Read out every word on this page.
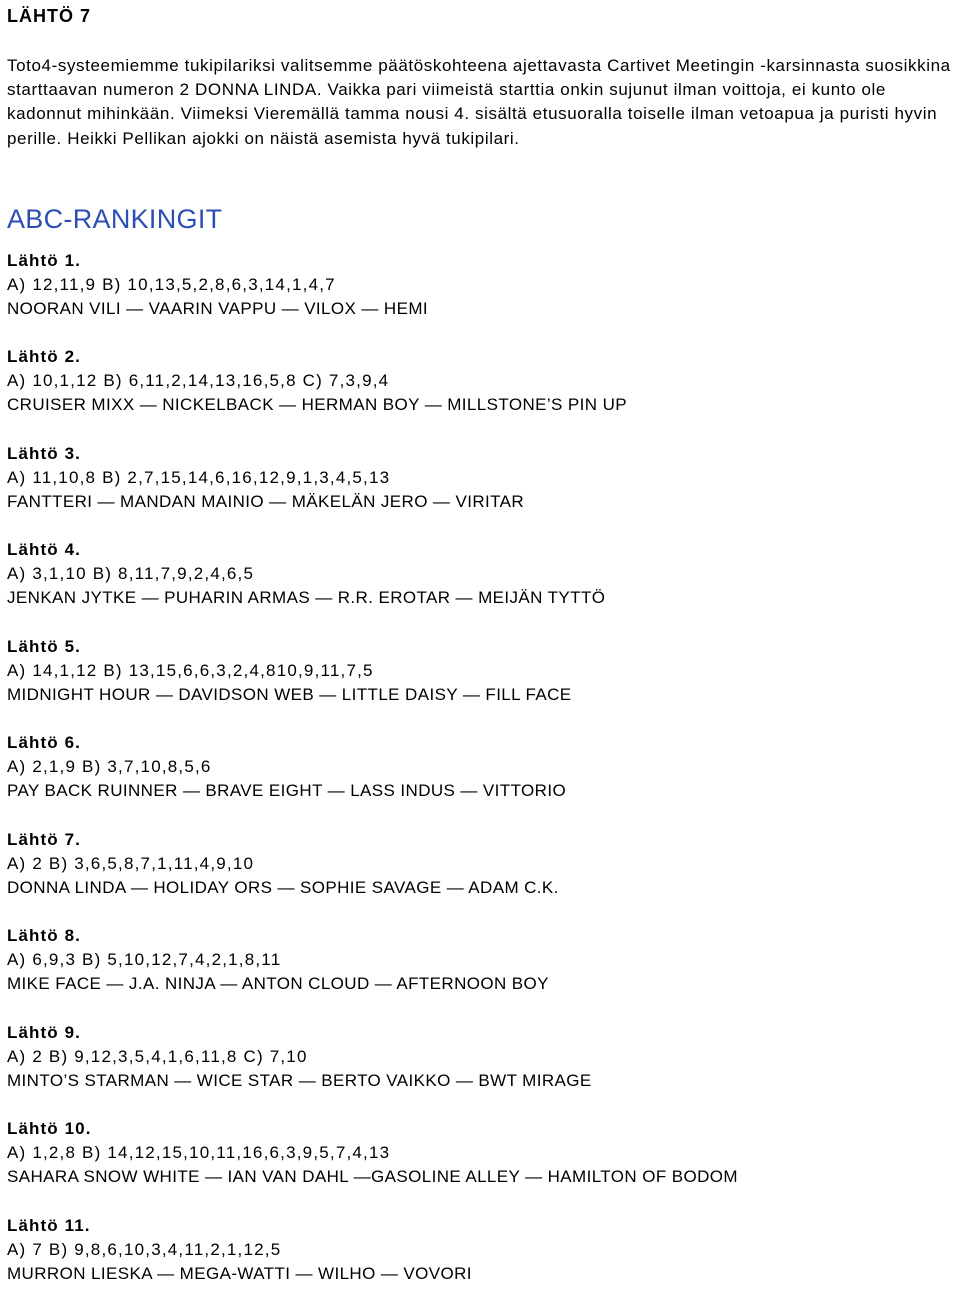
LÄHTÖ 7

Toto4-systeemiemme tukipilariksi valitsemme päätöskohteena ajettavasta Cartivet Meetingin -karsinnasta suosikkina starttaavan numeron 2 DONNA LINDA. Vaikka pari viimeistä starttia onkin sujunut ilman voittoja, ei kunto ole kadonnut mihinkään. Viimeksi Vieremällä tamma nousi 4. sisältä etusuoralla toiselle ilman vetoapua ja puristi hyvin perille. Heikki Pellikan ajokki on näistä asemista hyvä tukipilari.

ABC-RANKINGIT
Lähtö 1.
A) 12,11,9 B) 10,13,5,2,8,6,3,14,1,4,7
NOORAN VILI — VAARIN VAPPU — VILOX — HEMI
Lähtö 2.
A) 10,1,12 B) 6,11,2,14,13,16,5,8 C) 7,3,9,4
CRUISER MIXX — NICKELBACK — HERMAN BOY — MILLSTONE’S PIN UP
Lähtö 3.
A) 11,10,8 B) 2,7,15,14,6,16,12,9,1,3,4,5,13
FANTTERI — MANDAN MAINIO — MÄKELÄN JERO — VIRITAR
Lähtö 4.
A) 3,1,10 B) 8,11,7,9,2,4,6,5
JENKAN JYTKE — PUHARIN ARMAS — R.R. EROTAR — MEIJÄN TYTTÖ
Lähtö 5.
A) 14,1,12 B) 13,15,6,6,3,2,4,810,9,11,7,5
MIDNIGHT HOUR — DAVIDSON WEB — LITTLE DAISY — FILL FACE
Lähtö 6.
A) 2,1,9 B) 3,7,10,8,5,6
PAY BACK RUINNER — BRAVE EIGHT — LASS INDUS — VITTORIO
Lähtö 7.
A) 2 B) 3,6,5,8,7,1,11,4,9,10
DONNA LINDA — HOLIDAY ORS — SOPHIE SAVAGE — ADAM C.K.
Lähtö 8.
A) 6,9,3 B) 5,10,12,7,4,2,1,8,11
MIKE FACE — J.A. NINJA — ANTON CLOUD — AFTERNOON BOY
Lähtö 9.
A) 2 B) 9,12,3,5,4,1,6,11,8 C) 7,10
MINTO’S STARMAN — WICE STAR — BERTO VAIKKO — BWT MIRAGE
Lähtö 10.
A) 1,2,8 B) 14,12,15,10,11,16,6,3,9,5,7,4,13
SAHARA SNOW WHITE — IAN VAN DAHL —GASOLINE ALLEY — HAMILTON OF BODOM
Lähtö 11.
A) 7 B) 9,8,6,10,3,4,11,2,1,12,5
MURRON LIESKA — MEGA-WATTI — WILHO — VOVORI
